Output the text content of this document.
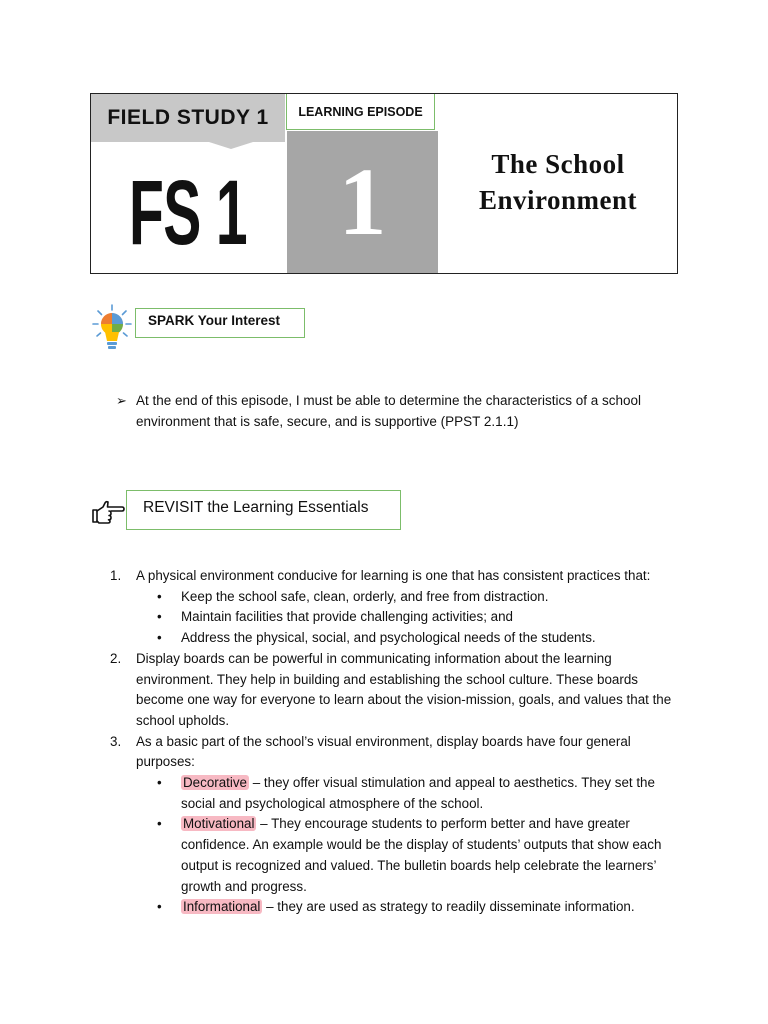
FIELD STUDY 1
FS 1
LEARNING EPISODE
1	The School
Environment
SPARK Your Interest
➢ At the end of this episode, I must be able to determine the characteristics of a school environment that is safe, secure, and is supportive (PPST 2.1.1)
REVISIT the Learning Essentials
1. A physical environment conducive for learning is one that has consistent practices that:
• Keep the school safe, clean, orderly, and free from distraction.
• Maintain facilities that provide challenging activities; and
• Address the physical, social, and psychological needs of the students.
2. Display boards can be powerful in communicating information about the learning environment. They help in building and establishing the school culture. These boards become one way for everyone to learn about the vision-mission, goals, and values that the school upholds.
3. As a basic part of the school’s visual environment, display boards have four general purposes:
• Decorative – they offer visual stimulation and appeal to aesthetics. They set the social and psychological atmosphere of the school.
• Motivational – They encourage students to perform better and have greater confidence. An example would be the display of students’ outputs that show each output is recognized and valued. The bulletin boards help celebrate the learners’ growth and progress.
• Informational – they are used as strategy to readily disseminate information.
